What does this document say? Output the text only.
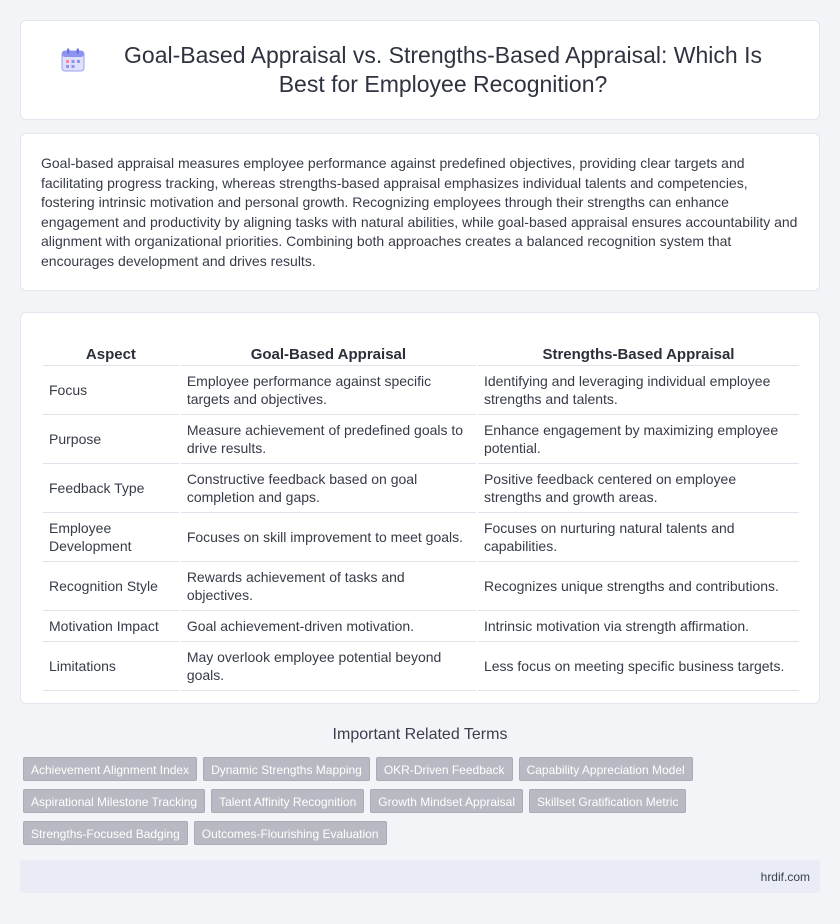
Goal-Based Appraisal vs. Strengths-Based Appraisal: Which Is Best for Employee Recognition?

Goal-based appraisal measures employee performance against predefined objectives, providing clear targets and facilitating progress tracking, whereas strengths-based appraisal emphasizes individual talents and competencies, fostering intrinsic motivation and personal growth. Recognizing employees through their strengths can enhance engagement and productivity by aligning tasks with natural abilities, while goal-based appraisal ensures accountability and alignment with organizational priorities. Combining both approaches creates a balanced recognition system that encourages development and drives results.

Aspect	Goal-Based Appraisal	Strengths-Based Appraisal
Focus	Employee performance against specific targets and objectives.	Identifying and leveraging individual employee strengths and talents.
Purpose	Measure achievement of predefined goals to drive results.	Enhance engagement by maximizing employee potential.
Feedback Type	Constructive feedback based on goal completion and gaps.	Positive feedback centered on employee strengths and growth areas.
Employee Development	Focuses on skill improvement to meet goals.	Focuses on nurturing natural talents and capabilities.
Recognition Style	Rewards achievement of tasks and objectives.	Recognizes unique strengths and contributions.
Motivation Impact	Goal achievement-driven motivation.	Intrinsic motivation via strength affirmation.
Limitations	May overlook employee potential beyond goals.	Less focus on meeting specific business targets.
Important Related Terms
Achievement Alignment Index	Dynamic Strengths Mapping	OKR-Driven Feedback	Capability Appreciation Model
Aspirational Milestone Tracking	Talent Affinity Recognition	Growth Mindset Appraisal	Skillset Gratification Metric
Strengths-Focused Badging	Outcomes-Flourishing Evaluation
hrdif.com
